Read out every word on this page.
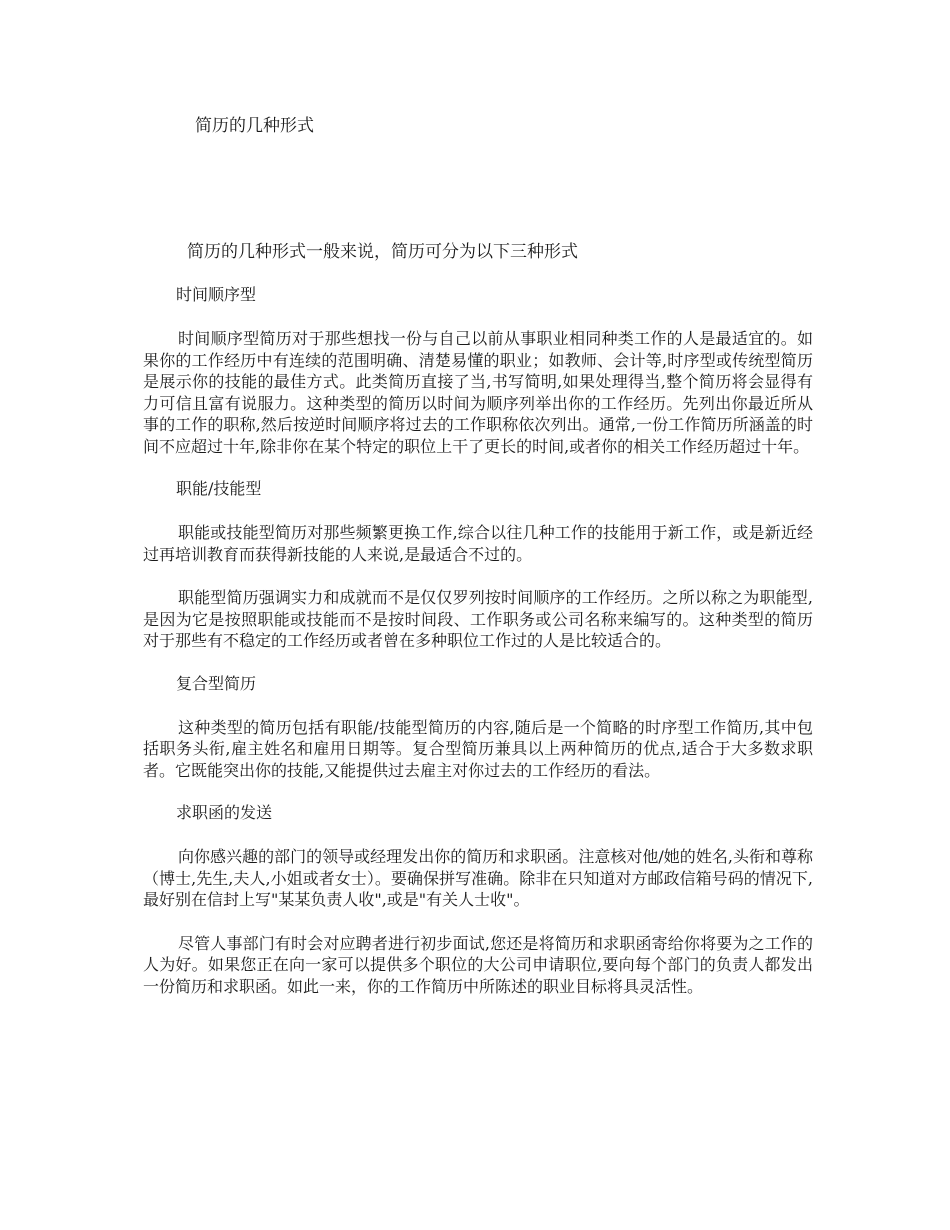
简历的几种形式
简历的几种形式一般来说，简历可分为以下三种形式

时间顺序型

时间顺序型简历对于那些想找一份与自己以前从事职业相同种类工作的人是最适宜的。如果你的工作经历中有连续的范围明确、清楚易懂的职业；如教师、会计等,时序型或传统型简历是展示你的技能的最佳方式。此类简历直接了当,书写简明,如果处理得当,整个简历将会显得有力可信且富有说服力。这种类型的简历以时间为顺序列举出你的工作经历。先列出你最近所从事的工作的职称,然后按逆时间顺序将过去的工作职称依次列出。通常,一份工作简历所涵盖的时间不应超过十年,除非你在某个特定的职位上干了更长的时间,或者你的相关工作经历超过十年。

职能/技能型

职能或技能型简历对那些频繁更换工作,综合以往几种工作的技能用于新工作，或是新近经过再培训教育而获得新技能的人来说,是最适合不过的。

职能型简历强调实力和成就而不是仅仅罗列按时间顺序的工作经历。之所以称之为职能型,是因为它是按照职能或技能而不是按时间段、工作职务或公司名称来编写的。这种类型的简历对于那些有不稳定的工作经历或者曾在多种职位工作过的人是比较适合的。

复合型简历

这种类型的简历包括有职能/技能型简历的内容,随后是一个简略的时序型工作简历,其中包括职务头衔,雇主姓名和雇用日期等。复合型简历兼具以上两种简历的优点,适合于大多数求职者。它既能突出你的技能,又能提供过去雇主对你过去的工作经历的看法。

求职函的发送

向你感兴趣的部门的领导或经理发出你的简历和求职函。注意核对他/她的姓名,头衔和尊称（博士,先生,夫人,小姐或者女士）。要确保拼写准确。除非在只知道对方邮政信箱号码的情况下,最好别在信封上写"某某负责人收",或是"有关人士收"。

尽管人事部门有时会对应聘者进行初步面试,您还是将简历和求职函寄给你将要为之工作的人为好。如果您正在向一家可以提供多个职位的大公司申请职位,要向每个部门的负责人都发出一份简历和求职函。如此一来，你的工作简历中所陈述的职业目标将具灵活性。
